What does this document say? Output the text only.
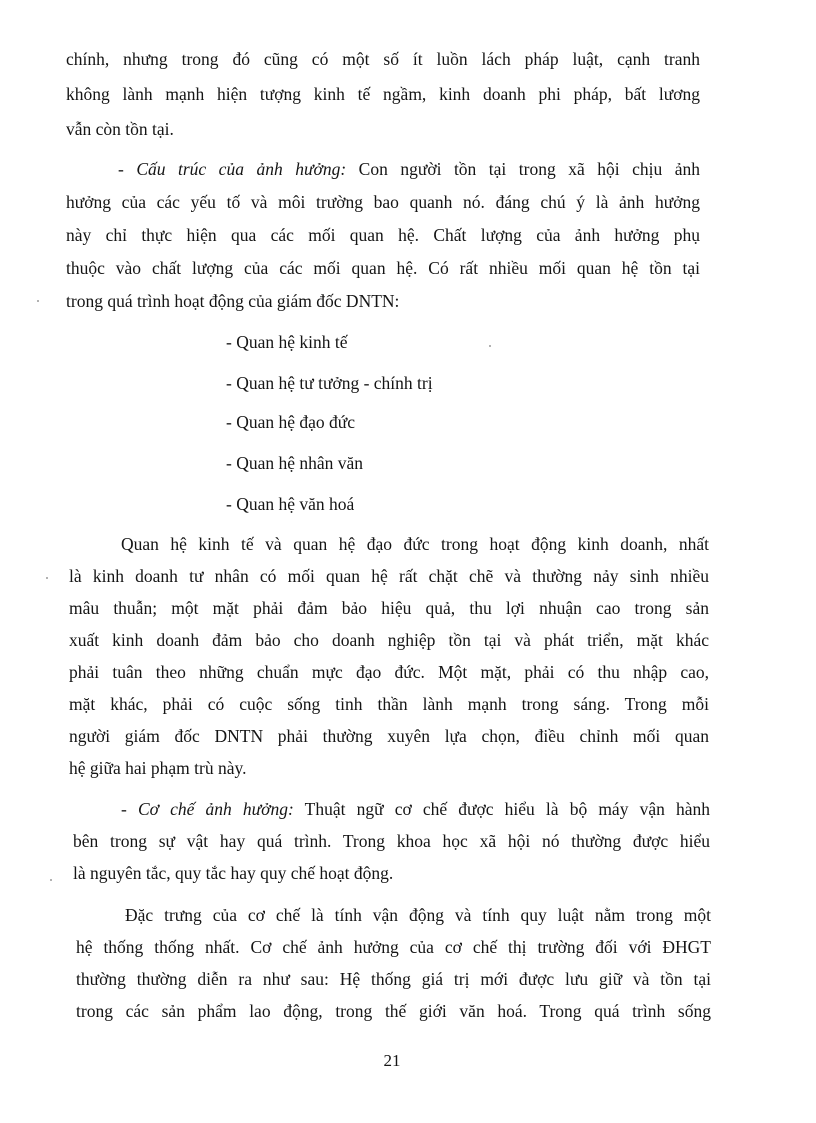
chính, nhưng trong đó cũng có một số ít luồn lách pháp luật, cạnh tranh
không lành mạnh hiện tượng kinh tế ngầm, kinh doanh phi pháp, bất lương
vẫn còn tồn tại.
- Cấu trúc của ảnh hưởng: Con người tồn tại trong xã hội chịu ảnh
hưởng của các yếu tố và môi trường bao quanh nó. đáng chú ý là ảnh hưởng
này chỉ thực hiện qua các mối quan hệ. Chất lượng của ảnh hưởng phụ
thuộc vào chất lượng của các mối quan hệ. Có rất nhiều mối quan hệ tồn tại
trong quá trình hoạt động của giám đốc DNTN:
- Quan hệ kinh tế
- Quan hệ tư tưởng - chính trị
- Quan hệ đạo đức
- Quan hệ nhân văn
- Quan hệ văn hoá
Quan hệ kinh tế và quan hệ đạo đức trong hoạt động kinh doanh, nhất
là kinh doanh tư nhân có mối quan hệ rất chặt chẽ và thường nảy sinh nhiều
mâu thuẫn; một mặt phải đảm bảo hiệu quả, thu lợi nhuận cao trong sản
xuất kinh doanh đảm bảo cho doanh nghiệp tồn tại và phát triển, mặt khác
phải tuân theo những chuẩn mực đạo đức. Một mặt, phải có thu nhập cao,
mặt khác, phải có cuộc sống tinh thần lành mạnh trong sáng. Trong mỗi
người giám đốc DNTN phải thường xuyên lựa chọn, điều chỉnh mối quan
hệ giữa hai phạm trù này.
- Cơ chế ảnh hưởng: Thuật ngữ cơ chế được hiểu là bộ máy vận hành
bên trong sự vật hay quá trình. Trong khoa học xã hội nó thường được hiểu
là nguyên tắc, quy tắc hay quy chế hoạt động.
Đặc trưng của cơ chế là tính vận động và tính quy luật nằm trong một
hệ thống thống nhất. Cơ chế ảnh hưởng của cơ chế thị trường đối với ĐHGT
thường thường diễn ra như sau: Hệ thống giá trị mới được lưu giữ và tồn tại
trong các sản phẩm lao động, trong thế giới văn hoá. Trong quá trình sống
21
